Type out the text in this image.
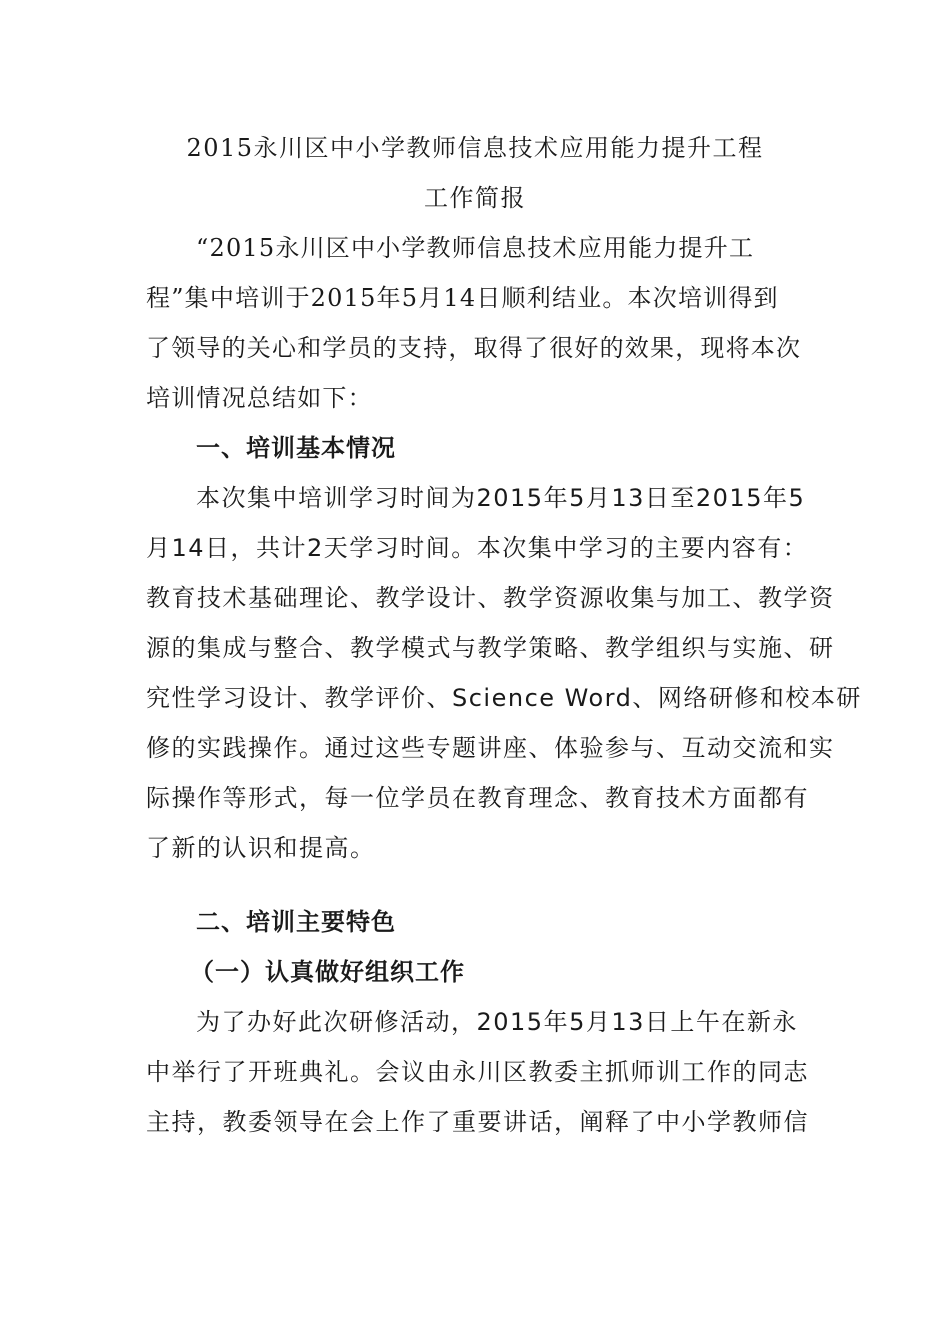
2015永川区中小学教师信息技术应用能力提升工程
工作简报
“2015永川区中小学教师信息技术应用能力提升工
程”集中培训于2015年5月14日顺利结业。本次培训得到
了领导的关心和学员的支持，取得了很好的效果，现将本次
培训情况总结如下：
一、培训基本情况
本次集中培训学习时间为2015年5月13日至2015年5
月14日，共计2天学习时间。本次集中学习的主要内容有：
教育技术基础理论、教学设计、教学资源收集与加工、教学资
源的集成与整合、教学模式与教学策略、教学组织与实施、研
究性学习设计、教学评价、Science Word、网络研修和校本研
修的实践操作。通过这些专题讲座、体验参与、互动交流和实
际操作等形式，每一位学员在教育理念、教育技术方面都有
了新的认识和提高。
二、培训主要特色
（一）认真做好组织工作
为了办好此次研修活动，2015年5月13日上午在新永
中举行了开班典礼。会议由永川区教委主抓师训工作的同志
主持，教委领导在会上作了重要讲话，阐释了中小学教师信
